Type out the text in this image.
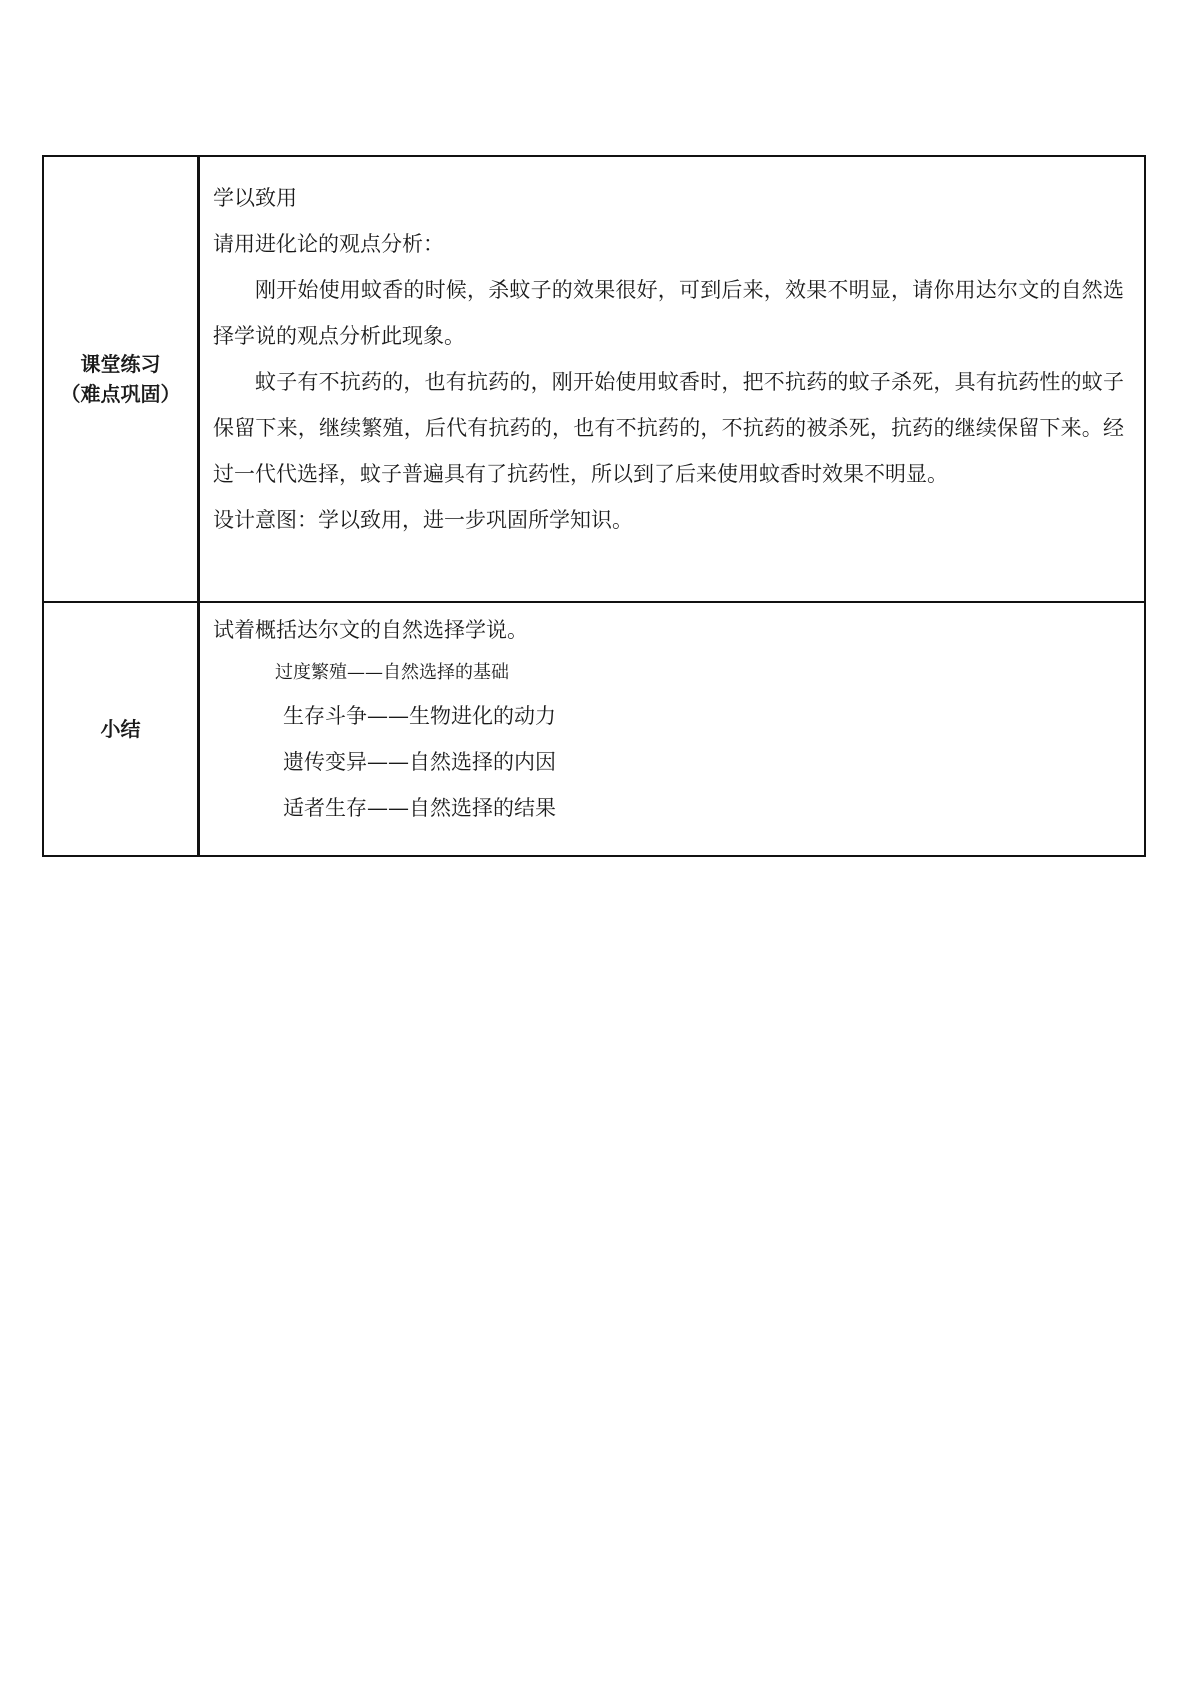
课堂练习
（难点巩固）	学以致用
请用进化论的观点分析：
刚开始使用蚊香的时候，杀蚊子的效果很好，可到后来，效果不明显，请你用达尔文的自然选择学说的观点分析此现象。
蚊子有不抗药的，也有抗药的，刚开始使用蚊香时，把不抗药的蚊子杀死，具有抗药性的蚊子保留下来，继续繁殖，后代有抗药的，也有不抗药的，不抗药的被杀死，抗药的继续保留下来。经过一代代选择，蚊子普遍具有了抗药性，所以到了后来使用蚊香时效果不明显。
设计意图：学以致用，进一步巩固所学知识。

小结	试着概括达尔文的自然选择学说。
过度繁殖——自然选择的基础
生存斗争——生物进化的动力
遗传变异——自然选择的内因
适者生存——自然选择的结果
